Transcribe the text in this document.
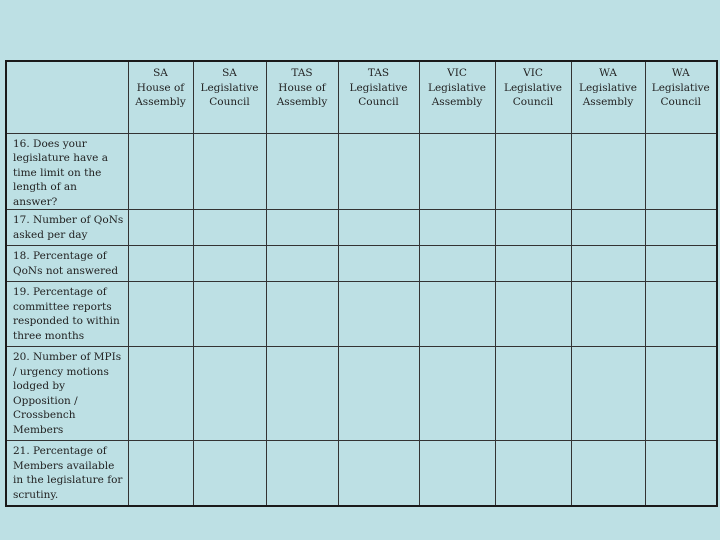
	SA
House of
Assembly	SA
Legislative
Council	TAS
House of
Assembly	TAS
Legislative
Council	VIC
Legislative
Assembly	VIC
Legislative
Council	WA
Legislative
Assembly	WA
Legislative
Council

16. Does your legislature have a time limit on the length of an answer?								
17. Number of QoNs asked per day								
18. Percentage of QoNs not answered								
19. Percentage of committee reports responded to within three months								
20. Number of MPIs / urgency motions lodged by Opposition / Crossbench Members								
21. Percentage of Members available in the legislature for scrutiny.								
